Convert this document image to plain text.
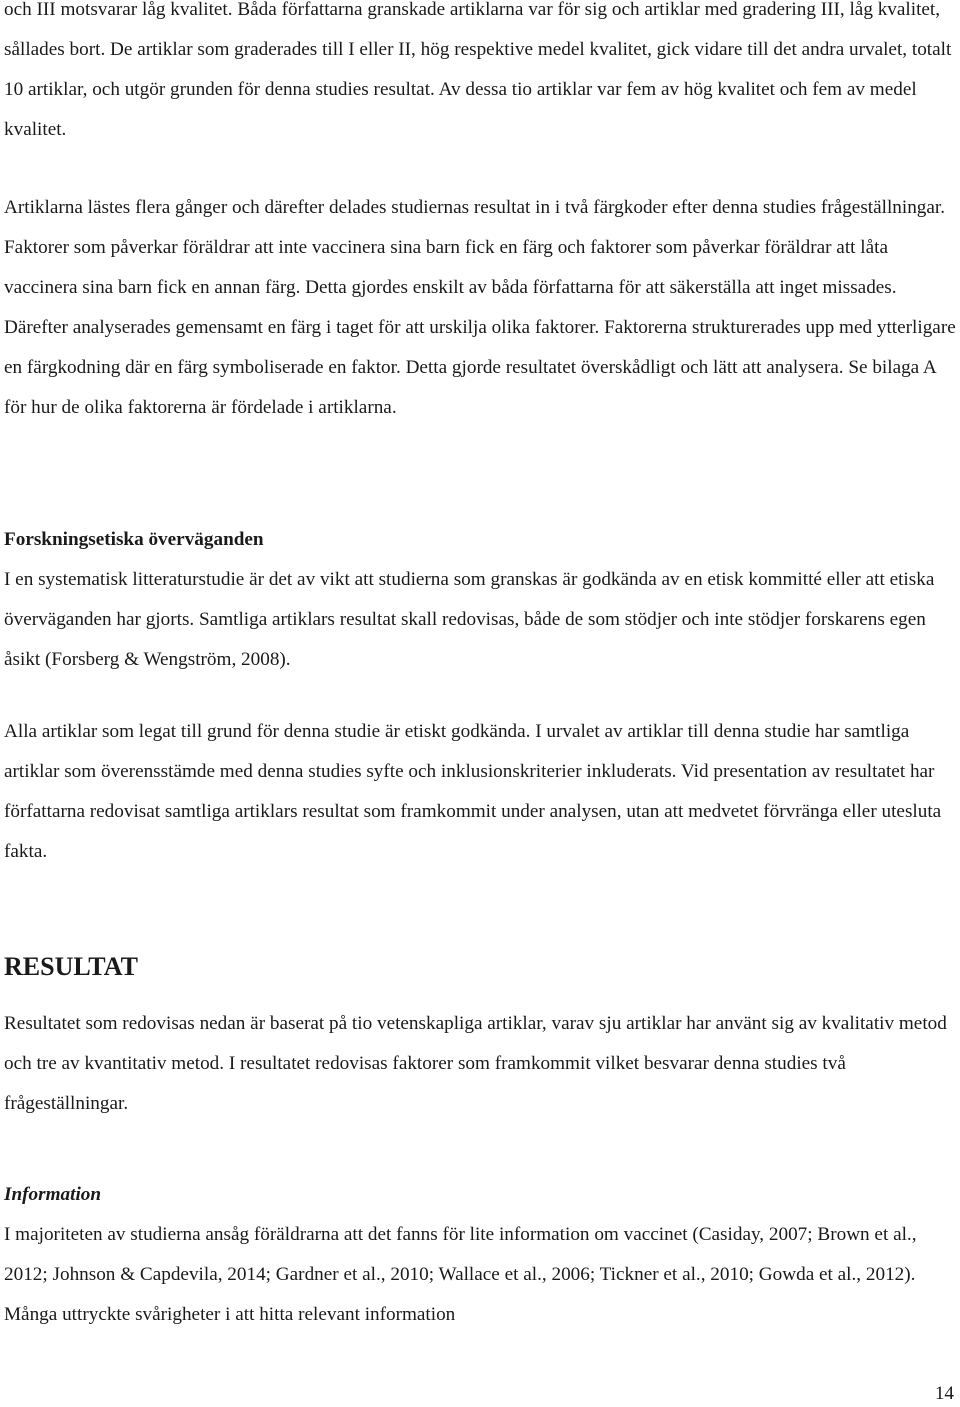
och III motsvarar låg kvalitet. Båda författarna granskade artiklarna var för sig och artiklar med gradering III, låg kvalitet, sållades bort. De artiklar som graderades till I eller II, hög respektive medel kvalitet, gick vidare till det andra urvalet, totalt 10 artiklar, och utgör grunden för denna studies resultat. Av dessa tio artiklar var fem av hög kvalitet och fem av medel kvalitet.

Artiklarna lästes flera gånger och därefter delades studiernas resultat in i två färgkoder efter denna studies frågeställningar. Faktorer som påverkar föräldrar att inte vaccinera sina barn fick en färg och faktorer som påverkar föräldrar att låta vaccinera sina barn fick en annan färg. Detta gjordes enskilt av båda författarna för att säkerställa att inget missades. Därefter analyserades gemensamt en färg i taget för att urskilja olika faktorer. Faktorerna strukturerades upp med ytterligare en färgkodning där en färg symboliserade en faktor. Detta gjorde resultatet överskådligt och lätt att analysera. Se bilaga A för hur de olika faktorerna är fördelade i artiklarna.

Forskningsetiska överväganden

I en systematisk litteraturstudie är det av vikt att studierna som granskas är godkända av en etisk kommitté eller att etiska överväganden har gjorts. Samtliga artiklars resultat skall redovisas, både de som stödjer och inte stödjer forskarens egen åsikt (Forsberg & Wengström, 2008).

Alla artiklar som legat till grund för denna studie är etiskt godkända. I urvalet av artiklar till denna studie har samtliga artiklar som överensstämde med denna studies syfte och inklusionskriterier inkluderats. Vid presentation av resultatet har författarna redovisat samtliga artiklars resultat som framkommit under analysen, utan att medvetet förvränga eller utesluta fakta.

RESULTAT

Resultatet som redovisas nedan är baserat på tio vetenskapliga artiklar, varav sju artiklar har använt sig av kvalitativ metod och tre av kvantitativ metod. I resultatet redovisas faktorer som framkommit vilket besvarar denna studies två frågeställningar.

Information

I majoriteten av studierna ansåg föräldrarna att det fanns för lite information om vaccinet (Casiday, 2007; Brown et al., 2012; Johnson & Capdevila, 2014; Gardner et al., 2010; Wallace et al., 2006; Tickner et al., 2010; Gowda et al., 2012). Många uttryckte svårigheter i att hitta relevant information

14
